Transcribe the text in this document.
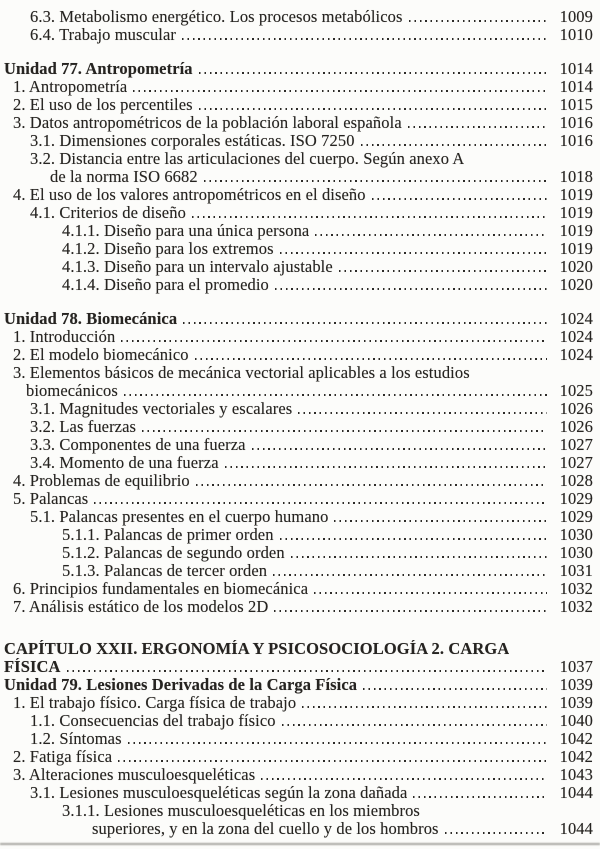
6.3. Metabolismo energético. Los procesos metabólicos	1009
6.4. Trabajo muscular	1010
Unidad 77. Antropometría	1014
1. Antropometría	1014
2. El uso de los percentiles	1015
3. Datos antropométricos de la población laboral española	1016
3.1. Dimensiones corporales estáticas. ISO 7250	1016
3.2. Distancia entre las articulaciones del cuerpo. Según anexo A
de la norma ISO 6682	1018
4. El uso de los valores antropométricos en el diseño	1019
4.1. Criterios de diseño	1019
4.1.1. Diseño para una única persona	1019
4.1.2. Diseño para los extremos	1019
4.1.3. Diseño para un intervalo ajustable	1020
4.1.4. Diseño para el promedio	1020
Unidad 78. Biomecánica	1024
1. Introducción	1024
2. El modelo biomecánico	1024
3. Elementos básicos de mecánica vectorial aplicables a los estudios
biomecánicos	1025
3.1. Magnitudes vectoriales y escalares	1026
3.2. Las fuerzas	1026
3.3. Componentes de una fuerza	1027
3.4. Momento de una fuerza	1027
4. Problemas de equilibrio	1028
5. Palancas	1029
5.1. Palancas presentes en el cuerpo humano	1029
5.1.1. Palancas de primer orden	1030
5.1.2. Palancas de segundo orden	1030
5.1.3. Palancas de tercer orden	1031
6. Principios fundamentales en biomecánica	1032
7. Análisis estático de los modelos 2D	1032
CAPÍTULO XXII. ERGONOMÍA Y PSICOSOCIOLOGÍA 2. CARGA
FÍSICA	1037
Unidad 79. Lesiones Derivadas de la Carga Física	1039
1. El trabajo físico. Carga física de trabajo	1039
1.1. Consecuencias del trabajo físico	1040
1.2. Síntomas	1042
2. Fatiga física	1042
3. Alteraciones musculoesqueléticas	1043
3.1. Lesiones musculoesqueléticas según la zona dañada	1044
3.1.1. Lesiones musculoesqueléticas en los miembros
superiores, y en la zona del cuello y de los hombros	1044
